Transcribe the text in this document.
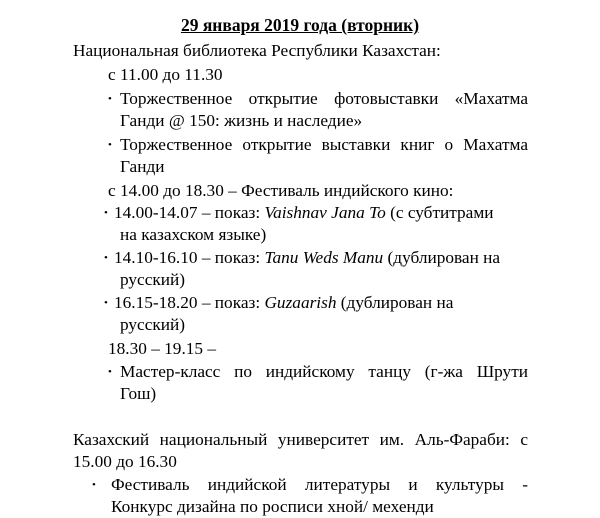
29 января 2019 года (вторник)
Национальная библиотека Республики Казахстан:
с 11.00 до 11.30
• Торжественное открытие фотовыставки «Махатма
Ганди @ 150: жизнь и наследие»
• Торжественное открытие выставки книг о Махатма
Ганди
с 14.00 до 18.30 – Фестиваль индийского кино:
• 14.00-14.07 – показ: Vaishnav Jana To (с субтитрами
на казахском языке)
• 14.10-16.10 – показ: Tanu Weds Manu (дублирован на
русский)
• 16.15-18.20 – показ: Guzaarish (дублирован на
русский)
18.30 – 19.15 –
• Мастер-класс по индийскому танцу (г-жа Шрути
Гош)
Казахский национальный университет им. Аль-Фараби: с
15.00 до 16.30
• Фестиваль индийской литературы и культуры -
Конкурс дизайна по росписи хной/ мехенди
